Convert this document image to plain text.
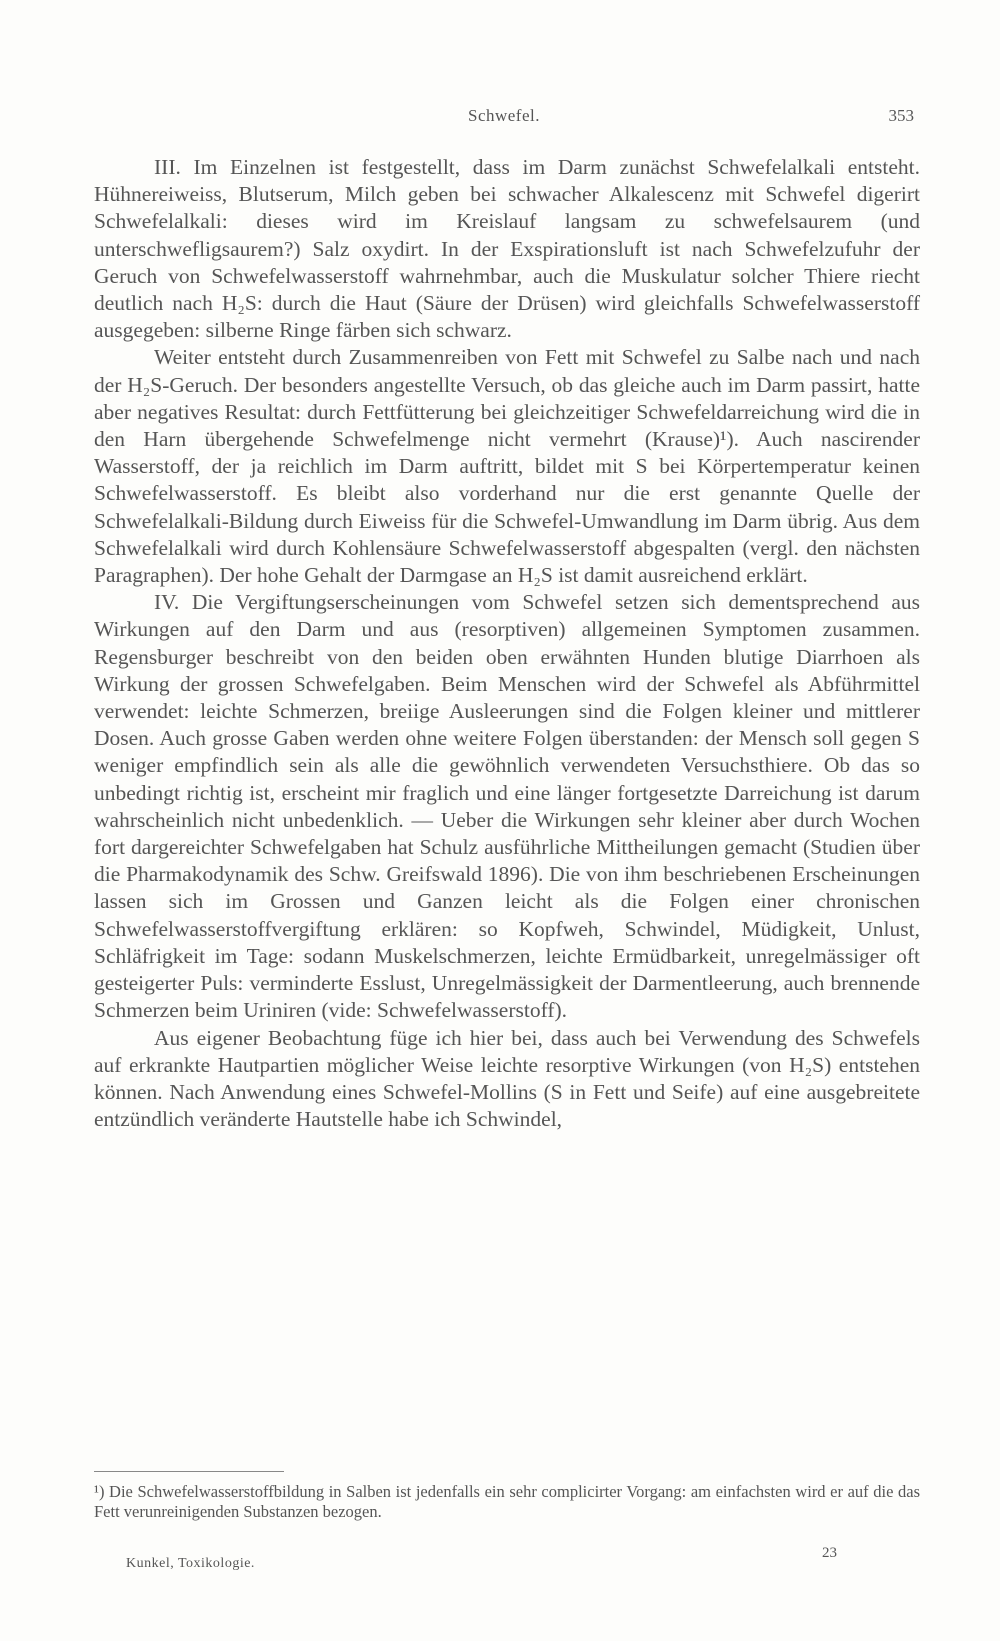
Schwefel.	353

III. Im Einzelnen ist festgestellt, dass im Darm zunächst Schwefelalkali entsteht. Hühnereiweiss, Blutserum, Milch geben bei schwacher Alkalescenz mit Schwefel digerirt Schwefelalkali: dieses wird im Kreislauf langsam zu schwefelsaurem (und unterschwefligsaurem?) Salz oxydirt. In der Exspirationsluft ist nach Schwefelzufuhr der Geruch von Schwefelwasserstoff wahrnehmbar, auch die Muskulatur solcher Thiere riecht deutlich nach H₂S: durch die Haut (Säure der Drüsen) wird gleichfalls Schwefelwasserstoff ausgegeben: silberne Ringe färben sich schwarz.

Weiter entsteht durch Zusammenreiben von Fett mit Schwefel zu Salbe nach und nach der H₂S-Geruch. Der besonders angestellte Versuch, ob das gleiche auch im Darm passirt, hatte aber negatives Resultat: durch Fettfütterung bei gleichzeitiger Schwefeldarreichung wird die in den Harn übergehende Schwefelmenge nicht vermehrt (Krause)¹). Auch nascirender Wasserstoff, der ja reichlich im Darm auftritt, bildet mit S bei Körpertemperatur keinen Schwefelwasserstoff. Es bleibt also vorderhand nur die erst genannte Quelle der Schwefelalkali-Bildung durch Eiweiss für die Schwefel-Umwandlung im Darm übrig. Aus dem Schwefelalkali wird durch Kohlensäure Schwefelwasserstoff abgespalten (vergl. den nächsten Paragraphen). Der hohe Gehalt der Darmgase an H₂S ist damit ausreichend erklärt.

IV. Die Vergiftungserscheinungen vom Schwefel setzen sich dementsprechend aus Wirkungen auf den Darm und aus (resorptiven) allgemeinen Symptomen zusammen. Regensburger beschreibt von den beiden oben erwähnten Hunden blutige Diarrhoen als Wirkung der grossen Schwefelgaben. Beim Menschen wird der Schwefel als Abführmittel verwendet: leichte Schmerzen, breiige Ausleerungen sind die Folgen kleiner und mittlerer Dosen. Auch grosse Gaben werden ohne weitere Folgen überstanden: der Mensch soll gegen S weniger empfindlich sein als alle die gewöhnlich verwendeten Versuchsthiere. Ob das so unbedingt richtig ist, erscheint mir fraglich und eine länger fortgesetzte Darreichung ist darum wahrscheinlich nicht unbedenklich. — Ueber die Wirkungen sehr kleiner aber durch Wochen fort dargereichter Schwefelgaben hat Schulz ausführliche Mittheilungen gemacht (Studien über die Pharmakodynamik des Schw. Greifswald 1896). Die von ihm beschriebenen Erscheinungen lassen sich im Grossen und Ganzen leicht als die Folgen einer chronischen Schwefelwasserstoffvergiftung erklären: so Kopfweh, Schwindel, Müdigkeit, Unlust, Schläfrigkeit im Tage: sodann Muskelschmerzen, leichte Ermüdbarkeit, unregelmässiger oft gesteigerter Puls: verminderte Esslust, Unregelmässigkeit der Darmentleerung, auch brennende Schmerzen beim Uriniren (vide: Schwefelwasserstoff).

Aus eigener Beobachtung füge ich hier bei, dass auch bei Verwendung des Schwefels auf erkrankte Hautpartien möglicher Weise leichte resorptive Wirkungen (von H₂S) entstehen können. Nach Anwendung eines Schwefel-Mollins (S in Fett und Seife) auf eine ausgebreitete entzündlich veränderte Hautstelle habe ich Schwindel,

¹) Die Schwefelwasserstoffbildung in Salben ist jedenfalls ein sehr complicirter Vorgang: am einfachsten wird er auf die das Fett verunreinigenden Substanzen bezogen.
Kunkel, Toxikologie.
23
